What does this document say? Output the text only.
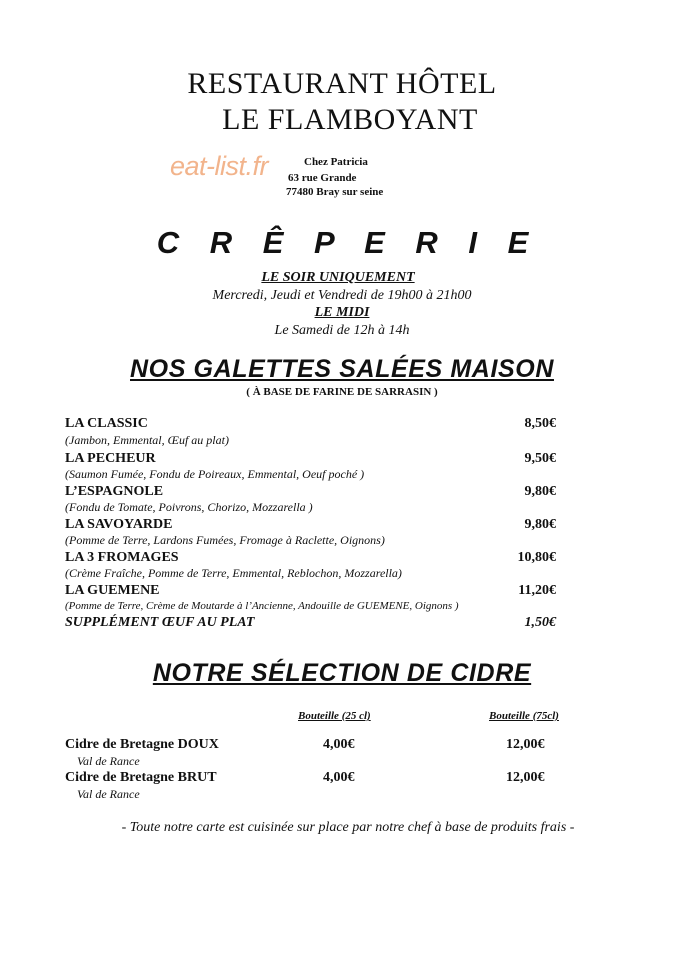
RESTAURANT HÔTEL
LE FLAMBOYANT
eat-list.fr	Chez Patricia
63 rue Grande
77480 Bray sur seine
C R Ê P E R I E
LE SOIR UNIQUEMENT
Mercredi, Jeudi et Vendredi de 19h00 à 21h00
LE MIDI
Le Samedi de 12h à 14h
NOS GALETTES SALÉES MAISON
( À BASE DE FARINE DE SARRASIN )
LA CLASSIC	8,50€
(Jambon, Emmental, Œuf au plat)
LA PECHEUR	9,50€
(Saumon Fumée, Fondu de Poireaux, Emmental, Oeuf poché )
L’ESPAGNOLE	9,80€
(Fondu de Tomate, Poivrons, Chorizo, Mozzarella )
LA SAVOYARDE	9,80€
(Pomme de Terre, Lardons Fumées, Fromage à Raclette, Oignons)
LA 3 FROMAGES	10,80€
(Crème Fraîche, Pomme de Terre, Emmental, Reblochon, Mozzarella)
LA GUEMENE	11,20€
(Pomme de Terre, Crème de Moutarde à l’Ancienne, Andouille de GUEMENE, Oignons )
SUPPLÉMENT ŒUF AU PLAT	1,50€
NOTRE SÉLECTION DE CIDRE
Bouteille (25 cl)	Bouteille (75cl)
Cidre de Bretagne DOUX	4,00€	12,00€
Val de Rance
Cidre de Bretagne BRUT	4,00€	12,00€
Val de Rance
- Toute notre carte est cuisinée sur place par notre chef à base de produits frais -
